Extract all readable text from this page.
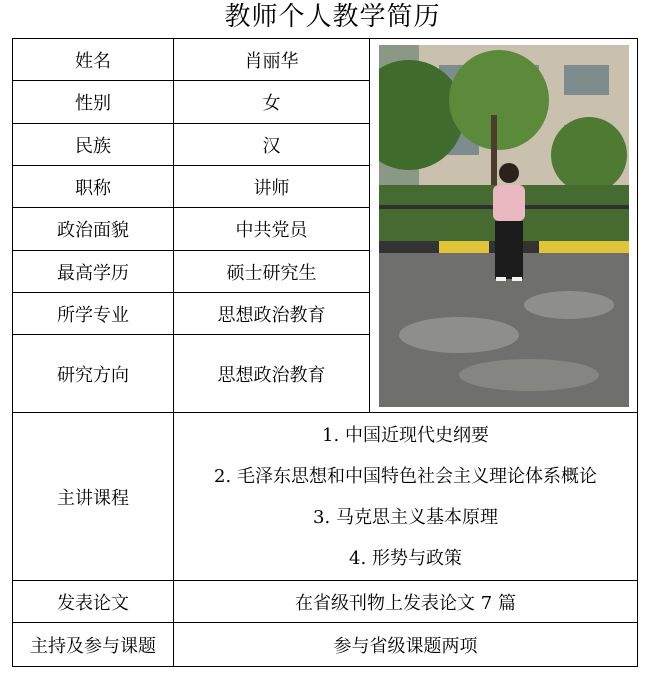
教师个人教学简历
姓名	肖丽华	

性别	女	
民族	汉	
职称	讲师	
政治面貌	中共党员	
最高学历	硕士研究生	
所学专业	思想政治教育	
研究方向	思想政治教育	
主讲课程	1. 中国近现代史纲要
2. 毛泽东思想和中国特色社会主义理论体系概论
3. 马克思主义基本原理
4. 形势与政策	

发表论文	在省级刊物上发表论文 7 篇	
主持及参与课题	参与省级课题两项	
